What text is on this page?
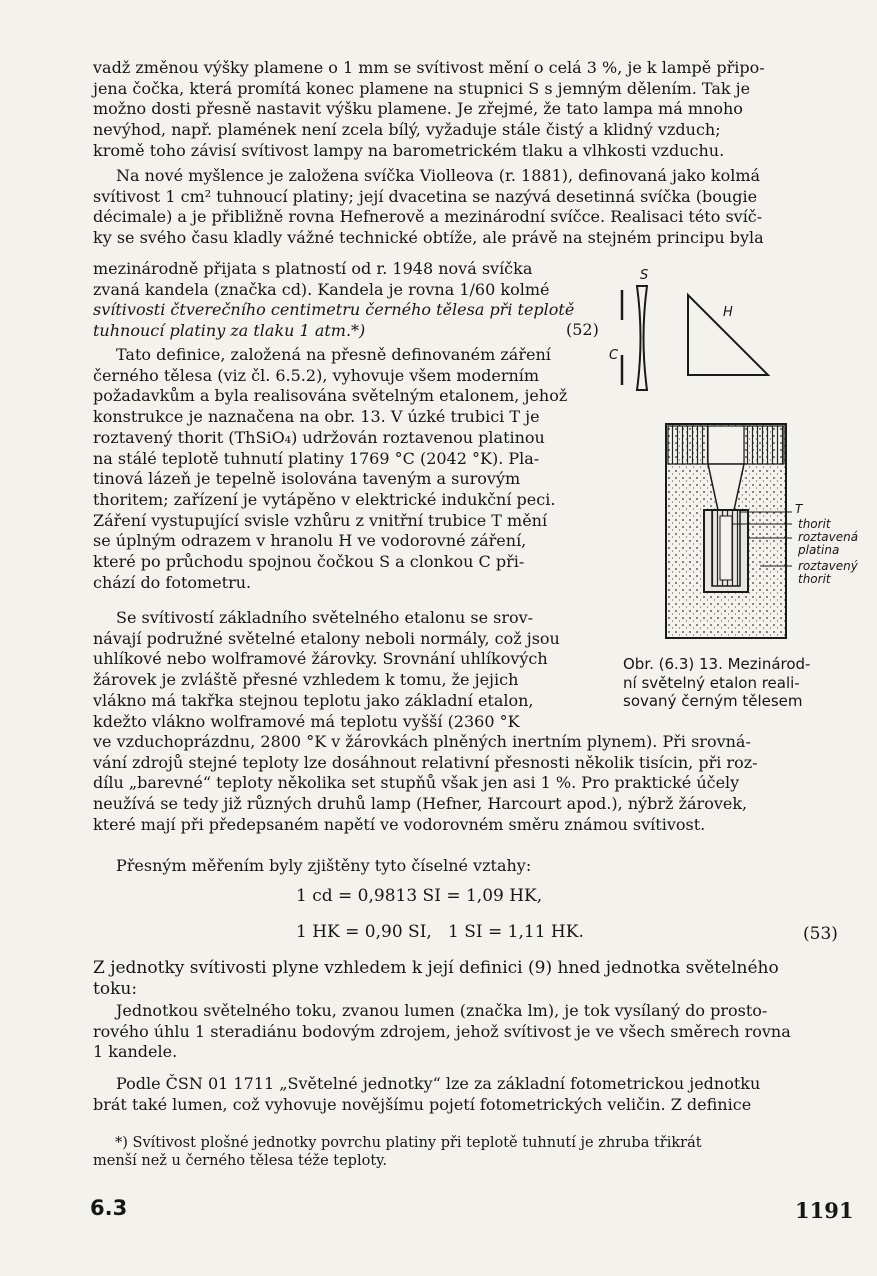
vadž změnou výšky plamene o 1 mm se svítivost mění o celá 3 %, je k lampě připo-
jena čočka, která promítá konec plamene na stupnici S s jemným dělením. Tak je
možno dosti přesně nastavit výšku plamene. Je zřejmé, že tato lampa má mnoho
nevýhod, např. plamének není zcela bílý, vyžaduje stále čistý a klidný vzduch;
kromě toho závisí svítivost lampy na barometrickém tlaku a vlhkosti vzduchu.
Na nové myšlence je založena svíčka Violleova (r. 1881), definovaná jako kolmá
svítivost 1 cm² tuhnoucí platiny; její dvacetina se nazývá desetinná svíčka (bougie
décimale) a je přibližně rovna Hefnerově a mezinárodní svíčce. Realisaci této svíč-
ky se svého času kladly vážné technické obtíže, ale právě na stejném principu byla
mezinárodně přijata s platností od r. 1948 nová svíčka
zvaná kandela (značka cd). Kandela je rovna 1/60 kolmé
svítivosti čtverečního centimetru černého tělesa při teplotě
tuhnoucí platiny za tlaku 1 atm.*)	(52)
Tato definice, založená na přesně definovaném záření
černého tělesa (viz čl. 6.5.2), vyhovuje všem moderním
požadavkům a byla realisována světelným etalonem, jehož
konstrukce je naznačena na obr. 13. V úzké trubici T je
roztavený thorit (ThSiO₄) udržován roztavenou platinou
na stálé teplotě tuhnutí platiny 1769 °C (2042 °K). Pla-
tinová lázeň je tepelně isolována taveným a surovým
thoritem; zařízení je vytápěno v elektrické indukční peci.
Záření vystupující svisle vzhůru z vnitřní trubice T mění
se úplným odrazem v hranolu H ve vodorovné záření,
které po průchodu spojnou čočkou S a clonkou C při-
chází do fotometru.
Se svítivostí základního světelného etalonu se srov-
návají podružné světelné etalony neboli normály, což jsou
uhlíkové nebo wolframové žárovky. Srovnání uhlíkových
žárovek je zvláště přesné vzhledem k tomu, že jejich
vlákno má takřka stejnou teplotu jako základní etalon,
kdežto vlákno wolframové má teplotu vyšší (2360 °K
ve vzduchoprázdnu, 2800 °K v žárovkách plněných inertním plynem). Při srovná-
vání zdrojů stejné teploty lze dosáhnout relativní přesnosti několik tisícin, při roz-
dílu „barevné“ teploty několika set stupňů však jen asi 1 %. Pro praktické účely
neužívá se tedy již různých druhů lamp (Hefner, Harcourt apod.), nýbrž žárovek,
které mají při předepsaném napětí ve vodorovném směru známou svítivost.
Přesným měřením byly zjištěny tyto číselné vztahy:
1 cd = 0,9813 SI = 1,09 HK,
1 HK = 0,90 SI,   1 SI = 1,11 HK.	(53)
Z jednotky svítivosti plyne vzhledem k její definici (9) hned jednotka světelného
toku:
Jednotkou světelného toku, zvanou lumen (značka lm), je tok vysílaný do prosto-
rového úhlu 1 steradiánu bodovým zdrojem, jehož svítivost je ve všech směrech rovna
1 kandele.
Podle ČSN 01 1711 „Světelné jednotky“ lze za základní fotometrickou jednotku
brát také lumen, což vyhovuje novějšímu pojetí fotometrických veličin. Z definice
*) Svítivost plošné jednotky povrchu platiny při teplotě tuhnutí je zhruba třikrát
menší než u černého tělesa téže teploty.
6.3	1191
S
H
C
T
thorit
roztavená
platina
roztavený
thorit
Obr. (6.3) 13. Mezinárod-
ní světelný etalon reali-
sovaný černým tělesem
